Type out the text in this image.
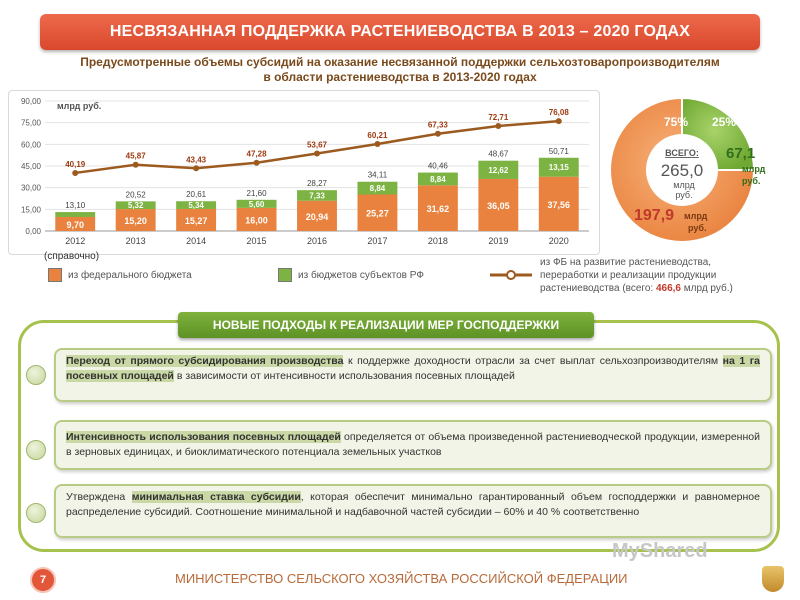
НЕСВЯЗАННАЯ ПОДДЕРЖКА РАСТЕНИЕВОДСТВА В 2013 – 2020 ГОДАХ
Предусмотренные объемы субсидий на оказание несвязанной поддержки сельхозтоваропроизводителям
в области растениеводства в 2013-2020 годах
0,00
15,00
30,00
45,00
60,00
75,00
90,00 млрд руб.
9,70
13,10
2012
15,20
5,32
20,52
2013
15,27
5,34
20,61
2014
16,00
5,60
21,60
2015
20,94
7,33
28,27
2016
25,27
8,84
34,11
2017
31,62
8,84
40,46
2018
36,05
12,62
48,67
2019
37,56
13,15
50,71
2020
40,19
45,87	43,43
47,28
53,67
60,21
67,33
72,71
76,08
(справочно)
из федерального бюджета	из бюджетов субъектов РФ
из ФБ на развитие растениеводства,
переработки и реализации продукции
растениеводства (всего: 466,6 млрд руб.)
ВСЕГО:
265,0
млрд
руб.
75% 25%
67,1
млрд
руб.
197,9 млрд
руб.
НОВЫЕ ПОДХОДЫ К РЕАЛИЗАЦИИ МЕР ГОСПОДДЕРЖКИ
Переход от прямого субсидирования производства к поддержке доходности отрасли за счет выплат сельхозпроизводителям на 1 га посевных площадей в зависимости от интенсивности использования посевных площадей
Интенсивность использования посевных площадей определяется от объема произведенной растениеводческой продукции, измеренной в зерновых единицах, и биоклиматического потенциала земельных участков
Утверждена минимальная ставка субсидии, которая обеспечит минимально гарантированный объем господдержки и равномерное распределение субсидий. Соотношение минимальной и надбавочной частей субсидии – 60% и 40 % соответственно
7	МИНИСТЕРСТВО СЕЛЬСКОГО ХОЗЯЙСТВА РОССИЙСКОЙ ФЕДЕРАЦИИ
MyShared
